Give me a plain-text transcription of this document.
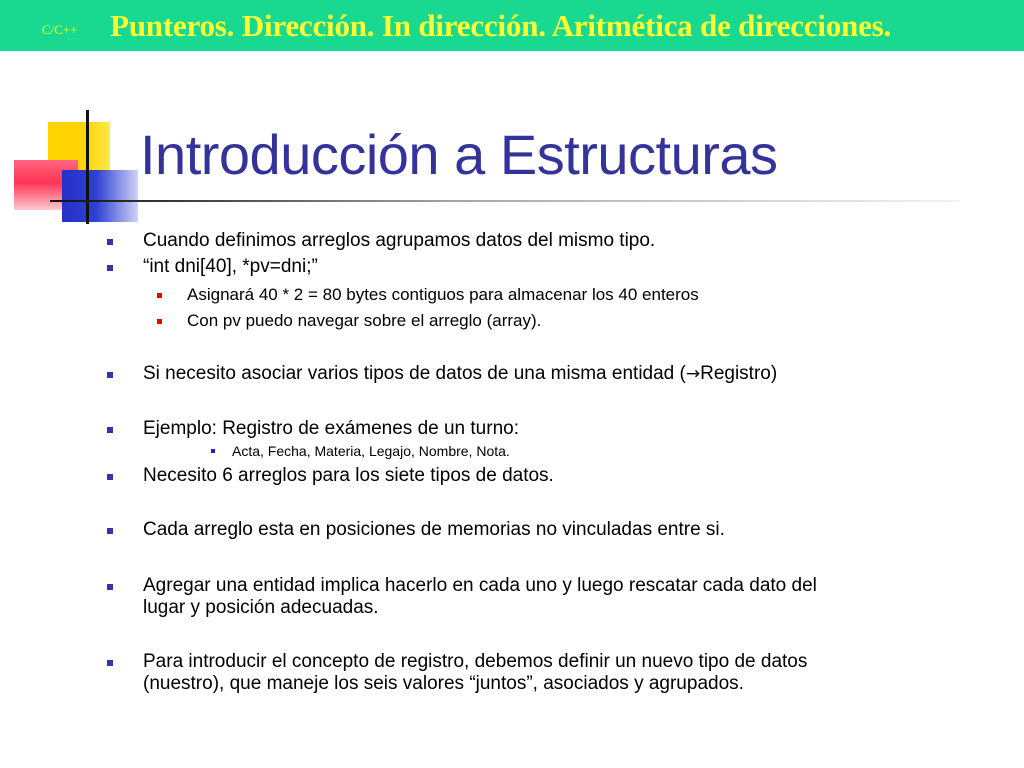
C/C++ Punteros. Dirección. In dirección. Aritmética de direcciones.
Introducción a Estructuras
Cuando definimos arreglos agrupamos datos del mismo tipo.
“int dni[40], *pv=dni;”
Asignará 40 * 2 = 80 bytes contiguos para almacenar los 40 enteros
Con pv puedo navegar sobre el arreglo (array).
Si necesito asociar varios tipos de datos de una misma entidad (→Registro)
Ejemplo: Registro de exámenes de un turno:
Acta, Fecha, Materia, Legajo, Nombre, Nota.
Necesito 6 arreglos para los siete tipos de datos.
Cada arreglo esta en posiciones de memorias no vinculadas entre si.
Agregar una entidad implica hacerlo en cada uno y luego rescatar cada dato del
lugar y posición adecuadas.
Para introducir el concepto de registro, debemos definir un nuevo tipo de datos
(nuestro), que maneje los seis valores “juntos”, asociados y agrupados.
